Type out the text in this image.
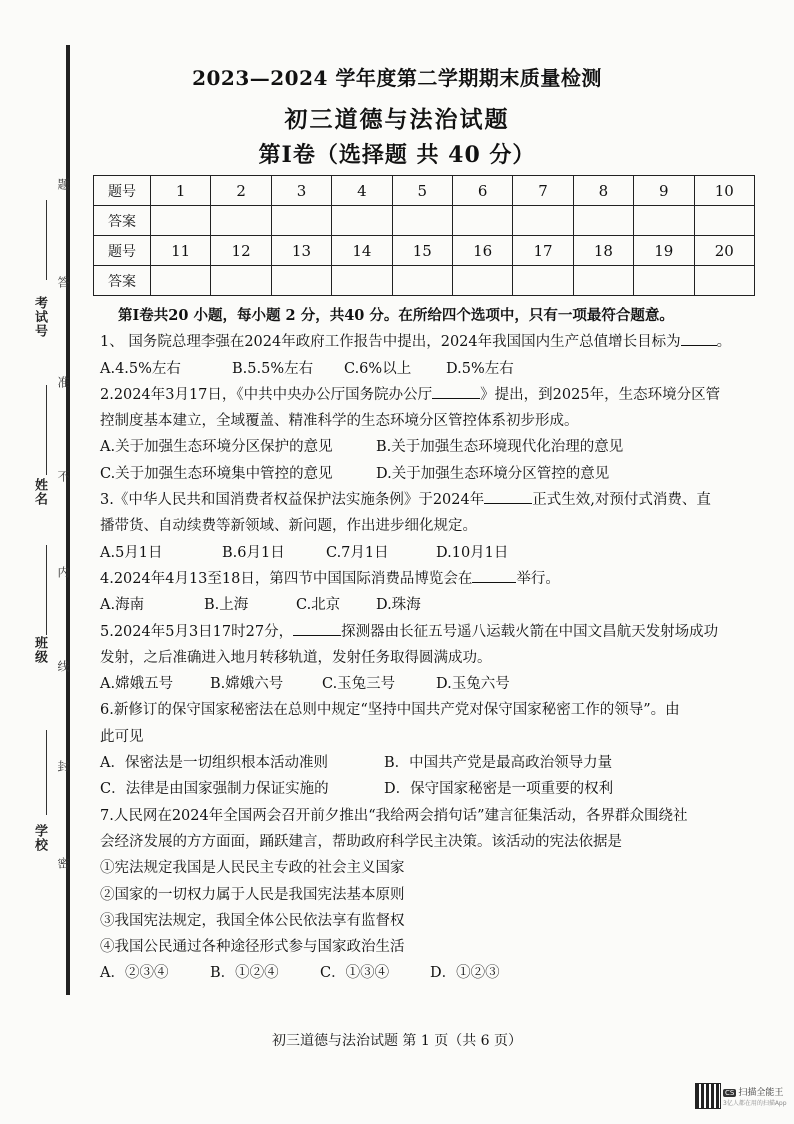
考试号
姓名
班级
学校
题
答
准
不
内
线
封
密
2023—2024 学年度第二学期期末质量检测
初三道德与法治试题
第Ⅰ卷（选择题 共 40 分）
题号	1	2	3	4	5	6	7	8	9	10
答案										
题号	11	12	13	14	15	16	17	18	19	20
答案										
第Ⅰ卷共20 小题，每小题 2 分，共40 分。在所给四个选项中，只有一项最符合题意。
1、 国务院总理李强在2024年政府工作报告中提出，2024年我国国内生产总值增长目标为 。
A.4.5%左右	B.5.5%左右 C.6%以上 D.5%左右
2.2024年3月17日，《中共中央办公厅国务院办公厅	》提出，到2025年，生态环境分区管
控制度基本建立，全域覆盖、精准科学的生态环境分区管控体系初步形成。
A.关于加强生态环境分区保护的意见	B.关于加强生态环境现代化治理的意见
C.关于加强生态环境集中管控的意见	D.关于加强生态环境分区管控的意见
3.《中华人民共和国消费者权益保护法实施条例》于2024年	正式生效,对预付式消费、直
播带货、自动续费等新领域、新问题，作出进步细化规定。
A.5月1日	B.6月1日	C.7月1日	D.10月1日
4.2024年4月13至18日，第四节中国国际消费品博览会在	举行。
A.海南	B.上海	C.北京 D.珠海
5.2024年5月3日17时27分，	探测器由长征五号遥八运载火箭在中国文昌航天发射场成功
发射，之后准确进入地月转移轨道，发射任务取得圆满成功。
A.嫦娥五号	B.嫦娥六号	C.玉兔三号	D.玉兔六号
6.新修订的保守国家秘密法在总则中规定“坚持中国共产党对保守国家秘密工作的领导”。由
此可见
A．保密法是一切组织根本活动准则	B．中国共产党是最高政治领导力量
C．法律是由国家强制力保证实施的	D．保守国家秘密是一项重要的权利
7.人民网在2024年全国两会召开前夕推出“我给两会捎句话”建言征集活动，各界群众围绕社
会经济发展的方方面面，踊跃建言，帮助政府科学民主决策。该活动的宪法依据是
①宪法规定我国是人民民主专政的社会主义国家
②国家的一切权力属于人民是我国宪法基本原则
③我国宪法规定，我国全体公民依法享有监督权
④我国公民通过各种途径形式参与国家政治生活
A．②③④	B．①②④	C．①③④	D．①②③
初三道德与法治试题 第 1 页（共 6 页）
CS 扫描全能王
3亿人都在用的扫描App
